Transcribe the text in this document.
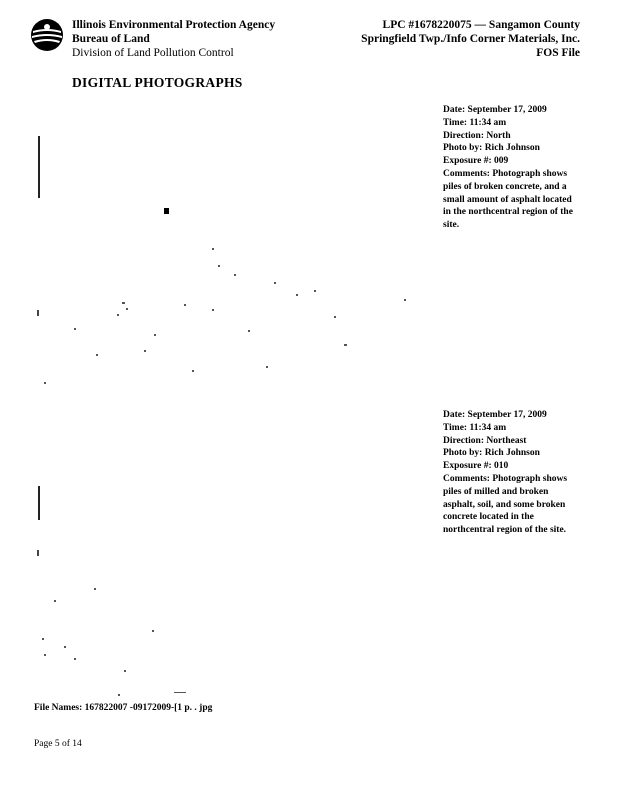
Illinois Environmental Protection Agency
Bureau of Land
Division of Land Pollution Control
LPC #1678220075 — Sangamon County
Springfield Twp./Info Corner Materials, Inc.
FOS File
DIGITAL PHOTOGRAPHS
Date: September 17, 2009
Time: 11:34 am
Direction: North
Photo by: Rich Johnson
Exposure #: 009
Comments: Photograph shows piles of broken concrete, and a small amount of asphalt located in the northcentral region of the site.
Date: September 17, 2009
Time: 11:34 am
Direction: Northeast
Photo by: Rich Johnson
Exposure #: 010
Comments: Photograph shows piles of milled and broken asphalt, soil, and some broken concrete located in the northcentral region of the site.
File Names: 167822007 -09172009-[1 p. . jpg
Page 5 of 14
